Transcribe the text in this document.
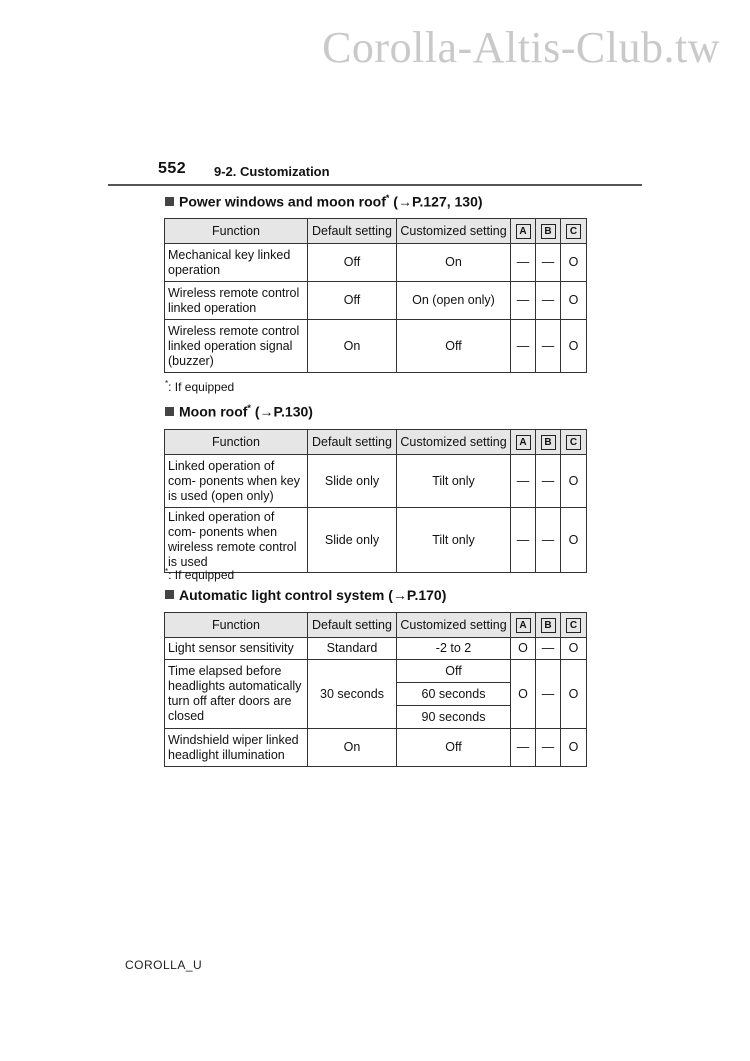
Corolla-Altis-Club.tw
552 9-2. Customization
Power windows and moon roof* (→P.127, 130)
Function	Default setting	Customized setting	A	B	C
Mechanical key linked operation	Off	On	—	—	O
Wireless remote control linked operation	Off	On (open only)	—	—	O
Wireless remote control linked operation signal (buzzer)	On	Off	—	—	O
*: If equipped
Moon roof* (→P.130)
Function	Default setting	Customized setting	A	B	C
Linked operation of com- ponents when key is used (open only)	Slide only	Tilt only	—	—	O
Linked operation of com- ponents when wireless remote control is used	Slide only	Tilt only	—	—	O
*: If equipped
Automatic light control system (→P.170)
Function	Default setting	Customized setting	A	B	C
Light sensor sensitivity	Standard	-2 to 2	O	—	O
Time elapsed before headlights automatically turn off after doors are closed	30 seconds	Off	O	—	O
		60 seconds			
		90 seconds			
Windshield wiper linked headlight illumination	On	Off	—	—	O
COROLLA_U
